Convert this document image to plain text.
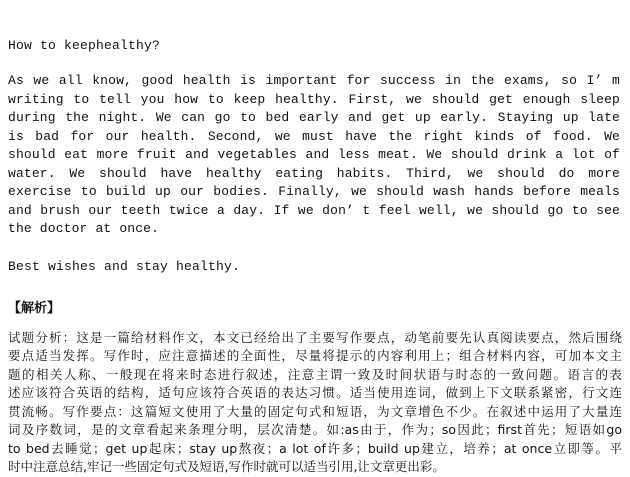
How to keephealthy?
As we all know, good health is important for success in the exams, so I’ m writing to tell you how to keep healthy. First, we should get enough sleep during the night. We can go to bed early and get up early. Staying up late is bad for our health. Second, we must have the right kinds of food. We should eat more fruit and vegetables and less meat. We should drink a lot of water. We should have healthy eating habits. Third, we should do more exercise to build up our bodies. Finally, we should wash hands before meals and brush our teeth twice a day. If we don’ t feel well, we should go to see the doctor at once.
Best wishes and stay healthy.
【解析】
试题分析：这是一篇给材料作文，本文已经给出了主要写作要点，动笔前要先认真阅读要点，然后围绕
要点适当发挥。写作时，应注意描述的全面性，尽量将提示的内容利用上；组合材料内容，可加本文主
题的相关人称、一般现在将来时态进行叙述，注意主谓一致及时间状语与时态的一致问题。语言的表
述应该符合英语的结构，适句应该符合英语的表达习惯。适当使用连词，做到上下文联系紧密，行文连
贯流畅。写作要点：这篇短文使用了大量的固定句式和短语，为文章增色不少。在叙述中运用了大量连
词及序数词，是的文章看起来条理分明，层次清楚。如:as由于，作为；so因此；first首先；短语如go
to bed去睡觉；get up起床；stay up熬夜；a lot of许多；build up建立，培养；at once立即等。平
时中注意总结,牢记一些固定句式及短语,写作时就可以适当引用,让文章更出彩。
